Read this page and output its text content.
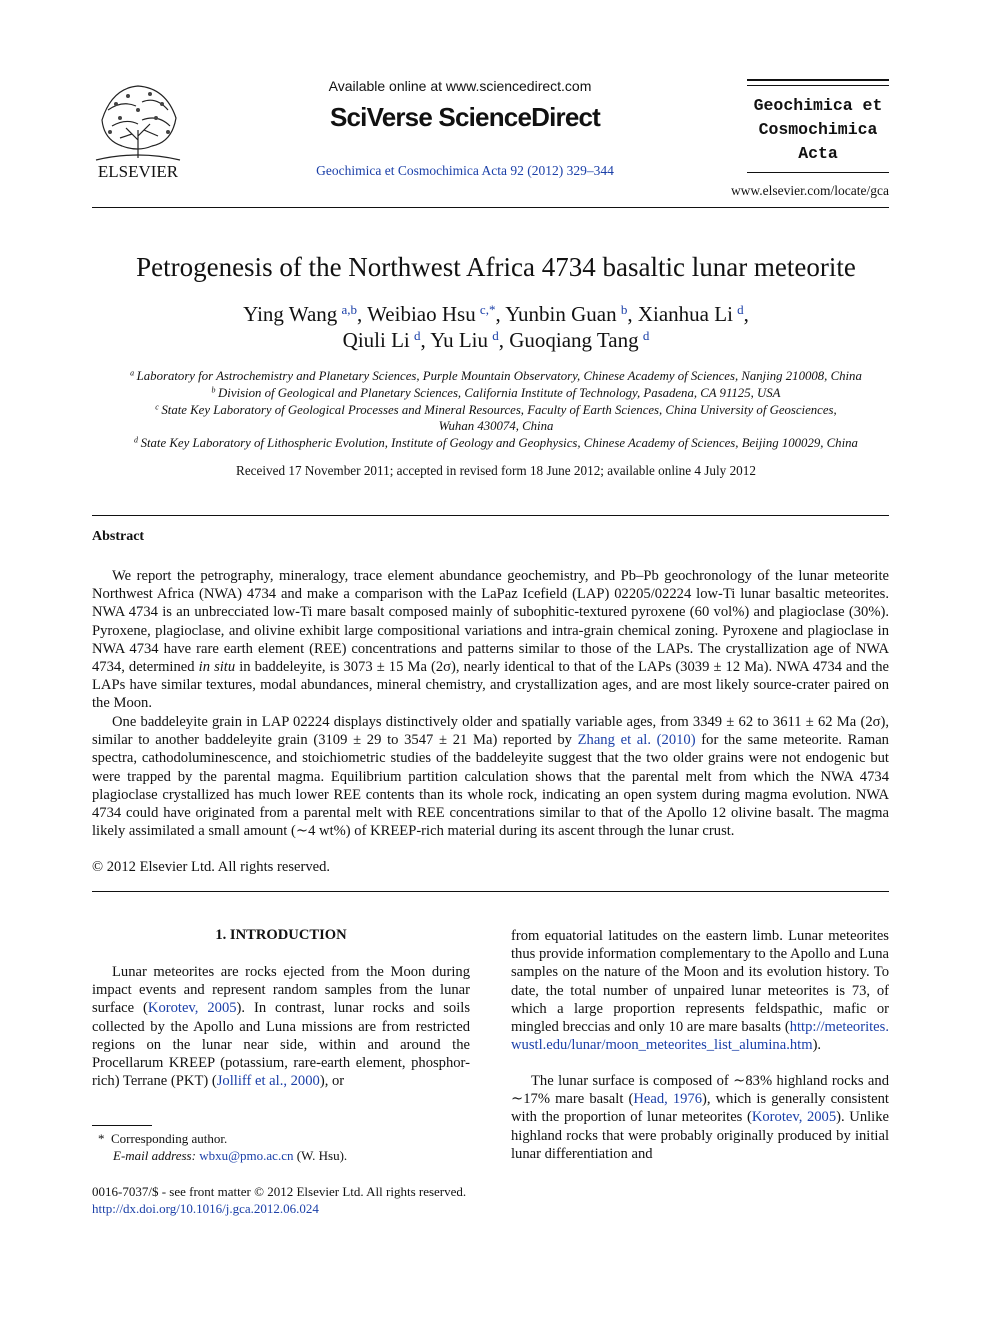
ELSEVIER
Available online at www.sciencedirect.com
SciVerse ScienceDirect
Geochimica et Cosmochimica Acta 92 (2012) 329–344
Geochimica et
Cosmochimica
Acta
www.elsevier.com/locate/gca
Petrogenesis of the Northwest Africa 4734 basaltic lunar meteorite
Ying Wang  $^{a,b}$, Weibiao Hsu  $^{c,*}$, Yunbin Guan  $^b$, Xianhua Li  $^d$,
Qiuli Li  $^d$, Yu Liu  $^d$, Guoqiang Tang  $^d$
$^a$  Laboratory for Astrochemistry and Planetary Sciences, Purple Mountain Observatory, Chinese Academy of Sciences, Nanjing 210008, China
$^b$  Division of Geological and Planetary Sciences, California Institute of Technology, Pasadena, CA 91125, USA
$^c$  State Key Laboratory of Geological Processes and Mineral Resources, Faculty of Earth Sciences, China University of Geosciences,
Wuhan 430074, China
$^d$  State Key Laboratory of Lithospheric Evolution, Institute of Geology and Geophysics, Chinese Academy of Sciences, Beijing 100029, China
Received 17 November 2011; accepted in revised form 18 June 2012; available online 4 July 2012
Abstract
We report the petrography, mineralogy, trace element abundance geochemistry, and Pb–Pb geochronology of the lunar meteorite Northwest Africa (NWA) 4734 and make a comparison with the LaPaz Icefield (LAP) 02205/02224 low-Ti lunar basaltic meteorites. NWA 4734 is an unbrecciated low-Ti mare basalt composed mainly of subophitic-textured pyroxene (60 vol%) and plagioclase (30%). Pyroxene, plagioclase, and olivine exhibit large compositional variations and intra-grain chemical zoning. Pyroxene and plagioclase in NWA 4734 have rare earth element (REE) concentrations and patterns similar to those of the LAPs. The crystallization age of NWA 4734, determined in situ in baddeleyite, is 3073 ± 15 Ma (2σ), nearly identical to that of the LAPs (3039 ± 12 Ma). NWA 4734 and the LAPs have similar textures, modal abundances, mineral chemistry, and crystallization ages, and are most likely source-crater paired on the Moon.
One baddeleyite grain in LAP 02224 displays distinctively older and spatially variable ages, from 3349 ± 62 to 3611 ± 62 Ma (2σ), similar to another baddeleyite grain (3109 ± 29 to 3547 ± 21 Ma) reported by Zhang et al. (2010) for the same meteorite. Raman spectra, cathodoluminescence, and stoichiometric studies of the baddeleyite suggest that the two older grains were not endogenic but were trapped by the parental magma. Equilibrium partition calculation shows that the parental melt from which the NWA 4734 plagioclase crystallized has much lower REE contents than its whole rock, indicating an open system during magma evolution. NWA 4734 could have originated from a parental melt with REE concentrations similar to that of the Apollo 12 olivine basalt. The magma likely assimilated a small amount (∼4 wt%) of KREEP-rich material during its ascent through the lunar crust.
© 2012 Elsevier Ltd. All rights reserved.
1. INTRODUCTION
Lunar meteorites are rocks ejected from the Moon during impact events and represent random samples from the lunar surface (Korotev, 2005). In contrast, lunar rocks and soils collected by the Apollo and Luna missions are from restricted regions on the lunar near side, within and around the Procellarum KREEP (potassium, rare-earth element, phosphor-rich) Terrane (PKT) (Jolliff et al., 2000), or
from equatorial latitudes on the eastern limb. Lunar meteorites thus provide information complementary to the Apollo and Luna samples on the nature of the Moon and its evolution history. To date, the total number of unpaired lunar meteorites is 73, of which a large proportion represents feldspathic, mafic or mingled breccias and only 10 are mare basalts (http://meteorites.wustl.edu/lunar/moon_meteorites_list_alumina.htm).
The lunar surface is composed of ∼83% highland rocks and ∼17% mare basalt (Head, 1976), which is generally consistent with the proportion of lunar meteorites (Korotev, 2005). Unlike highland rocks that were probably originally produced by initial lunar differentiation and
* Corresponding author.
E-mail address: wbxu@pmo.ac.cn (W. Hsu).
0016-7037/$ - see front matter © 2012 Elsevier Ltd. All rights reserved.
http://dx.doi.org/10.1016/j.gca.2012.06.024
